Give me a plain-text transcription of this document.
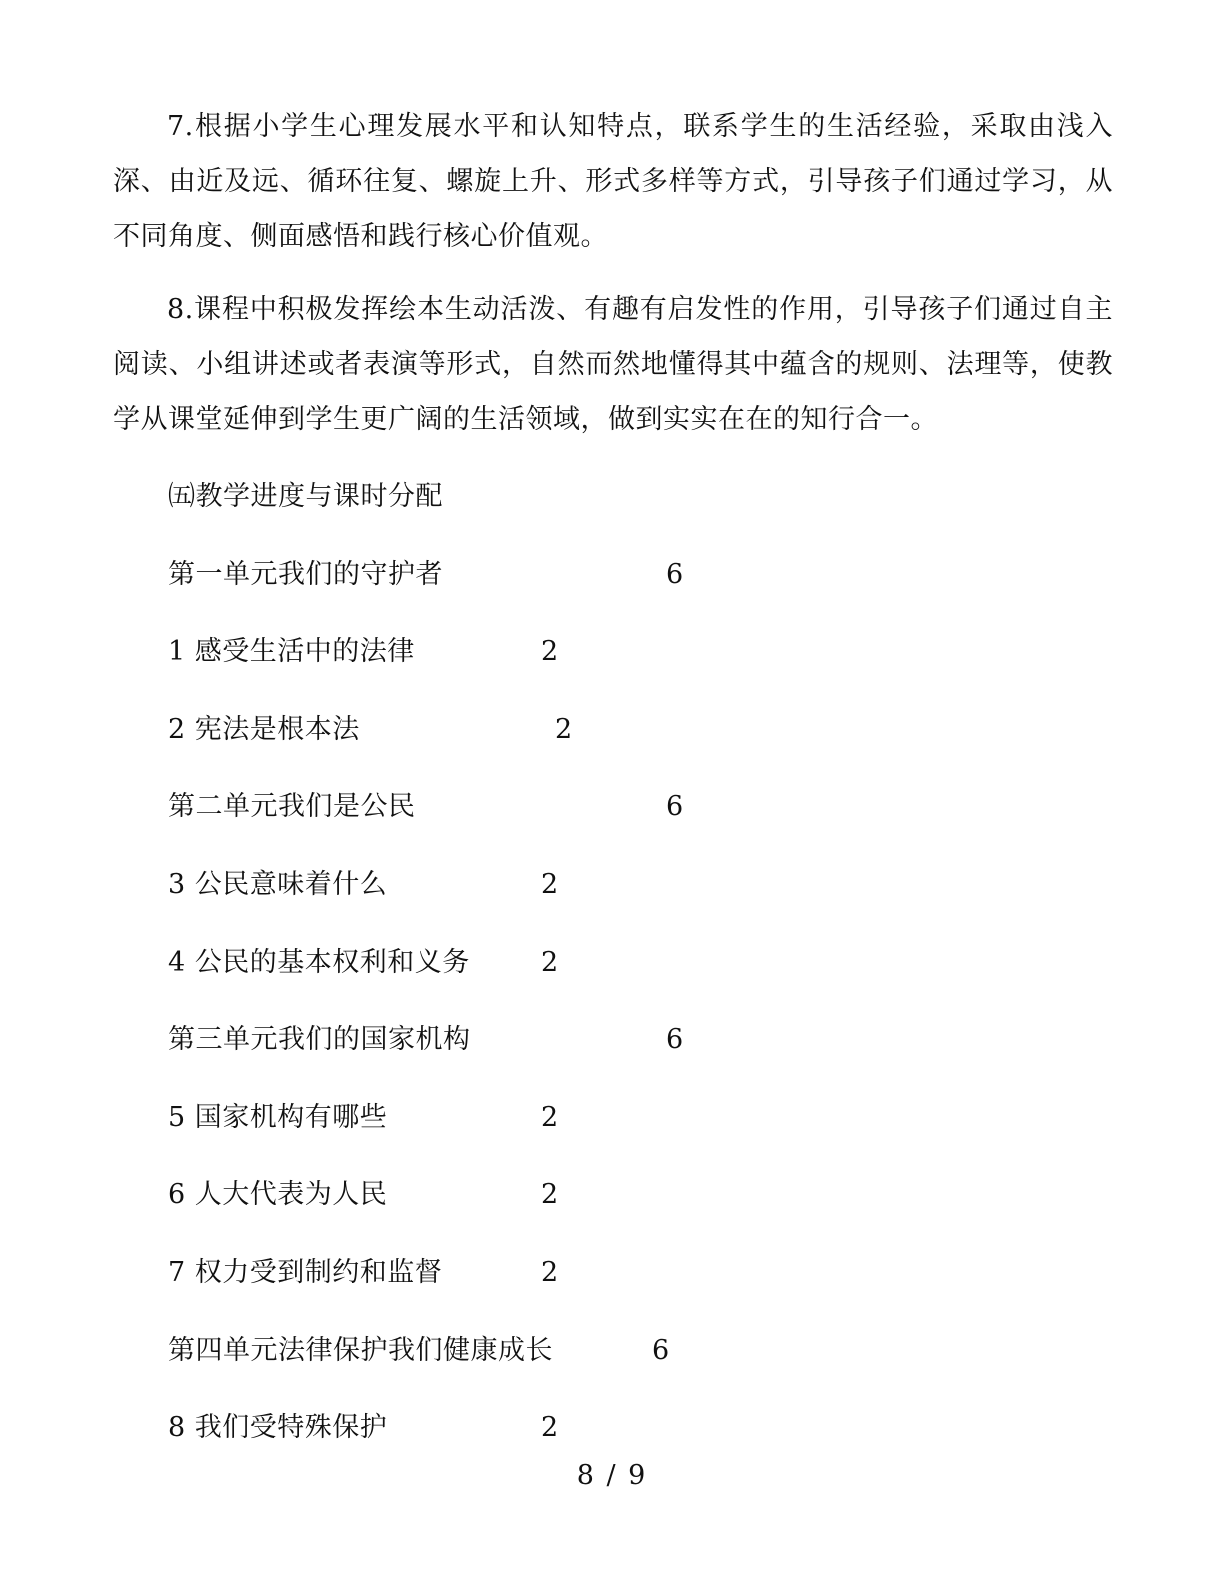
7.根据小学生心理发展水平和认知特点，联系学生的生活经验，采取由浅入深、由近及远、循环往复、螺旋上升、形式多样等方式，引导孩子们通过学习，从不同角度、侧面感悟和践行核心价值观。

8.课程中积极发挥绘本生动活泼、有趣有启发性的作用，引导孩子们通过自主阅读、小组讲述或者表演等形式，自然而然地懂得其中蕴含的规则、法理等，使教学从课堂延伸到学生更广阔的生活领域，做到实实在在的知行合一。

㈤教学进度与课时分配
第一单元我们的守护者	6
1 感受生活中的法律	2
2 宪法是根本法	2
第二单元我们是公民	6
3 公民意味着什么	2
4 公民的基本权利和义务	2
第三单元我们的国家机构	6
5 国家机构有哪些	2
6 人大代表为人民	2
7 权力受到制约和监督	2
第四单元法律保护我们健康成长	6
8 我们受特殊保护	2
8 / 9
